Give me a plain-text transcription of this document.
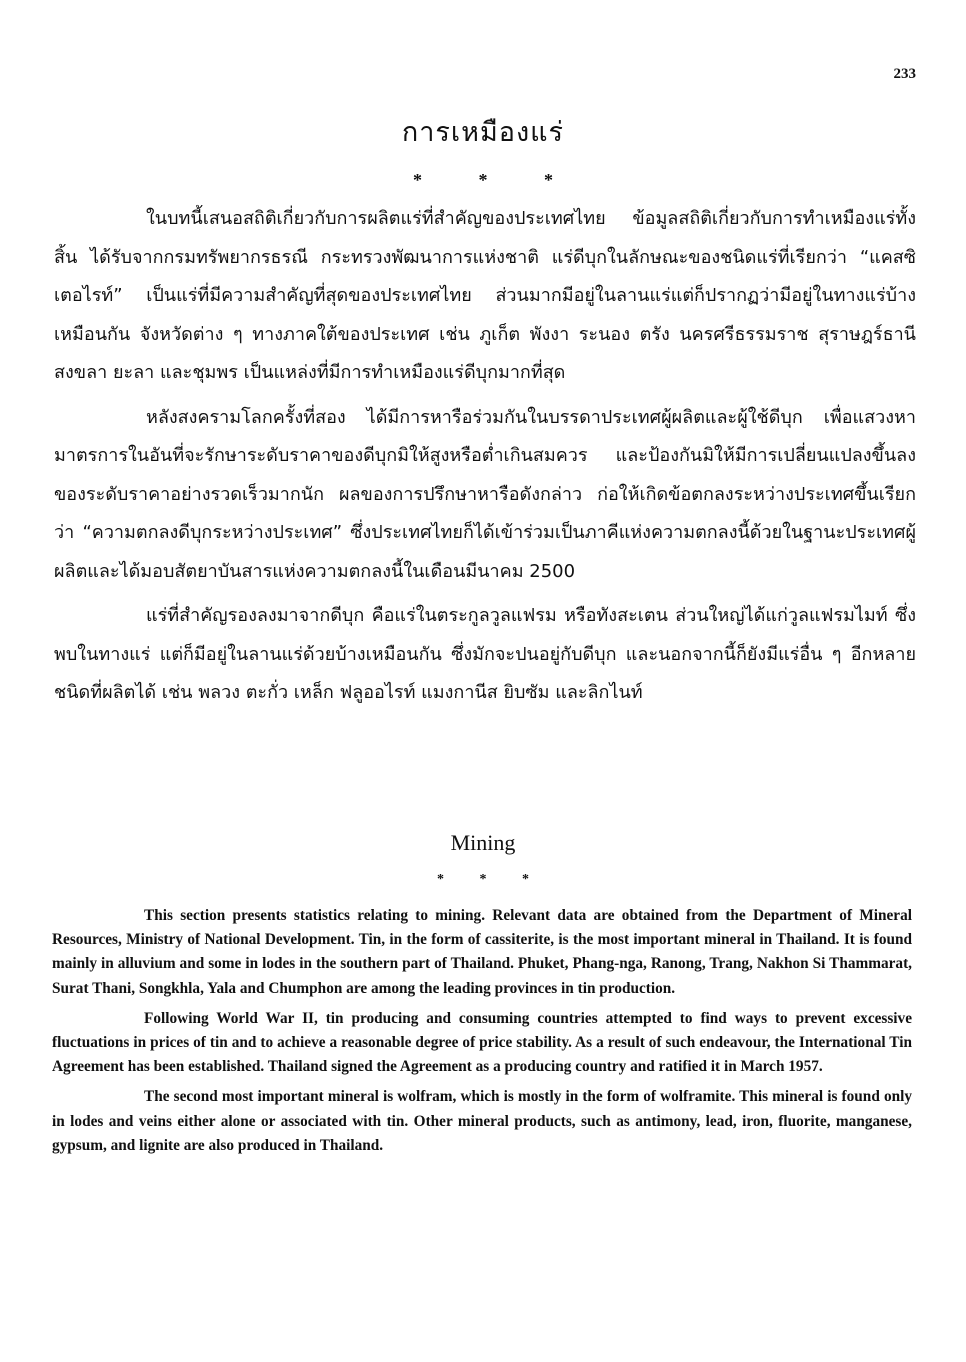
233
การเหมืองแร่
* * *

ในบทนี้เสนอสถิติเกี่ยวกับการผลิตแร่ที่สำคัญของประเทศไทย ข้อมูลสถิติเกี่ยวกับการทำเหมืองแร่ทั้งสิ้น ได้รับจากกรมทรัพยากรธรณี กระทรวงพัฒนาการแห่งชาติ แร่ดีบุกในลักษณะของชนิดแร่ที่เรียกว่า “แคสซิเตอไรท์” เป็นแร่ที่มีความสำคัญที่สุดของประเทศไทย ส่วนมากมีอยู่ในลานแร่แต่ก็ปรากฏว่ามีอยู่ในทางแร่บ้างเหมือนกัน จังหวัดต่าง ๆ ทางภาคใต้ของประเทศ เช่น ภูเก็ต พังงา ระนอง ตรัง นครศรีธรรมราช สุราษฎร์ธานี สงขลา ยะลา และชุมพร เป็นแหล่งที่มีการทำเหมืองแร่ดีบุกมากที่สุด

หลังสงครามโลกครั้งที่สอง ได้มีการหารือร่วมกันในบรรดาประเทศผู้ผลิตและผู้ใช้ดีบุก เพื่อแสวงหามาตรการในอันที่จะรักษาระดับราคาของดีบุกมิให้สูงหรือต่ำเกินสมควร และป้องกันมิให้มีการเปลี่ยนแปลงขึ้นลงของระดับราคาอย่างรวดเร็วมากนัก ผลของการปรึกษาหารือดังกล่าว ก่อให้เกิดข้อตกลงระหว่างประเทศขึ้นเรียกว่า “ความตกลงดีบุกระหว่างประเทศ” ซึ่งประเทศไทยก็ได้เข้าร่วมเป็นภาคีแห่งความตกลงนี้ด้วยในฐานะประเทศผู้ผลิตและได้มอบสัตยาบันสารแห่งความตกลงนี้ในเดือนมีนาคม 2500

แร่ที่สำคัญรองลงมาจากดีบุก คือแร่ในตระกูลวูลแฟรม หรือทังสะเตน ส่วนใหญ่ได้แก่วูลแฟรมไมท์ ซึ่งพบในทางแร่ แต่ก็มีอยู่ในลานแร่ด้วยบ้างเหมือนกัน ซึ่งมักจะปนอยู่กับดีบุก และนอกจากนี้ก็ยังมีแร่อื่น ๆ อีกหลายชนิดที่ผลิตได้ เช่น พลวง ตะกั่ว เหล็ก ฟลูออไรท์ แมงกานีส ยิบซัม และลิกไนท์

Mining
* * *

This section presents statistics relating to mining. Relevant data are obtained from the Department of Mineral Resources, Ministry of National Development. Tin, in the form of cassiterite, is the most important mineral in Thailand. It is found mainly in alluvium and some in lodes in the southern part of Thailand. Phuket, Phang-nga, Ranong, Trang, Nakhon Si Thammarat, Surat Thani, Songkhla, Yala and Chumphon are among the leading provinces in tin production.

Following World War II, tin producing and consuming countries attempted to find ways to prevent excessive fluctuations in prices of tin and to achieve a reasonable degree of price stability. As a result of such endeavour, the International Tin Agreement has been established. Thailand signed the Agreement as a producing country and ratified it in March 1957.

The second most important mineral is wolfram, which is mostly in the form of wolframite. This mineral is found only in lodes and veins either alone or associated with tin. Other mineral products, such as antimony, lead, iron, fluorite, manganese, gypsum, and lignite are also produced in Thailand.
